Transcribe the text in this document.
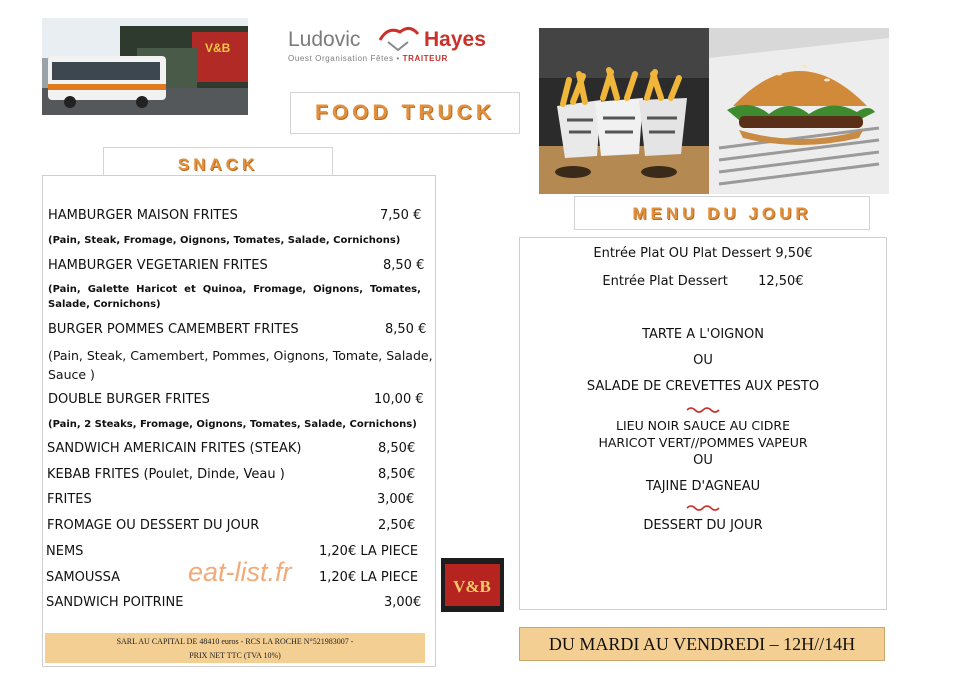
V&B	Ludovic	Hayes
Ouest Organisation Fêtes • TRAITEUR
FOOD TRUCK
SNACK
MENU DU JOUR
HAMBURGER MAISON FRITES	7,50 €
(Pain, Steak, Fromage, Oignons, Tomates, Salade, Cornichons)
HAMBURGER VEGETARIEN FRITES	8,50 €
(Pain,  Galette  Haricot  et  Quinoa,  Fromage,  Oignons,  Tomates,
Salade, Cornichons)
BURGER POMMES CAMEMBERT FRITES	8,50 €
(Pain, Steak, Camembert, Pommes, Oignons, Tomate, Salade,
Sauce )
DOUBLE BURGER FRITES	10,00 €
(Pain, 2 Steaks, Fromage, Oignons, Tomates, Salade, Cornichons)
SANDWICH AMERICAIN FRITES (STEAK)	8,50€
KEBAB FRITES (Poulet, Dinde, Veau )	8,50€
FRITES	3,00€
FROMAGE OU DESSERT DU JOUR	2,50€
NEMS	1,20€ LA PIECE
SAMOUSSA	1,20€ LA PIECE
SANDWICH POITRINE	3,00€
eat-list.fr
SARL AU CAPITAL DE 48410 euros - RCS LA ROCHE N°521983007 -
PRIX NET TTC (TVA 10%)
Entrée Plat OU Plat Dessert 9,50€
Entrée Plat Dessert 12,50€
TARTE A L'OIGNON
OU
SALADE DE CREVETTES AUX PESTO
LIEU NOIR SAUCE AU CIDRE
HARICOT VERT//POMMES VAPEUR
OU
TAJINE D'AGNEAU
DESSERT DU JOUR
V&B
DU MARDI AU VENDREDI – 12H//14H
